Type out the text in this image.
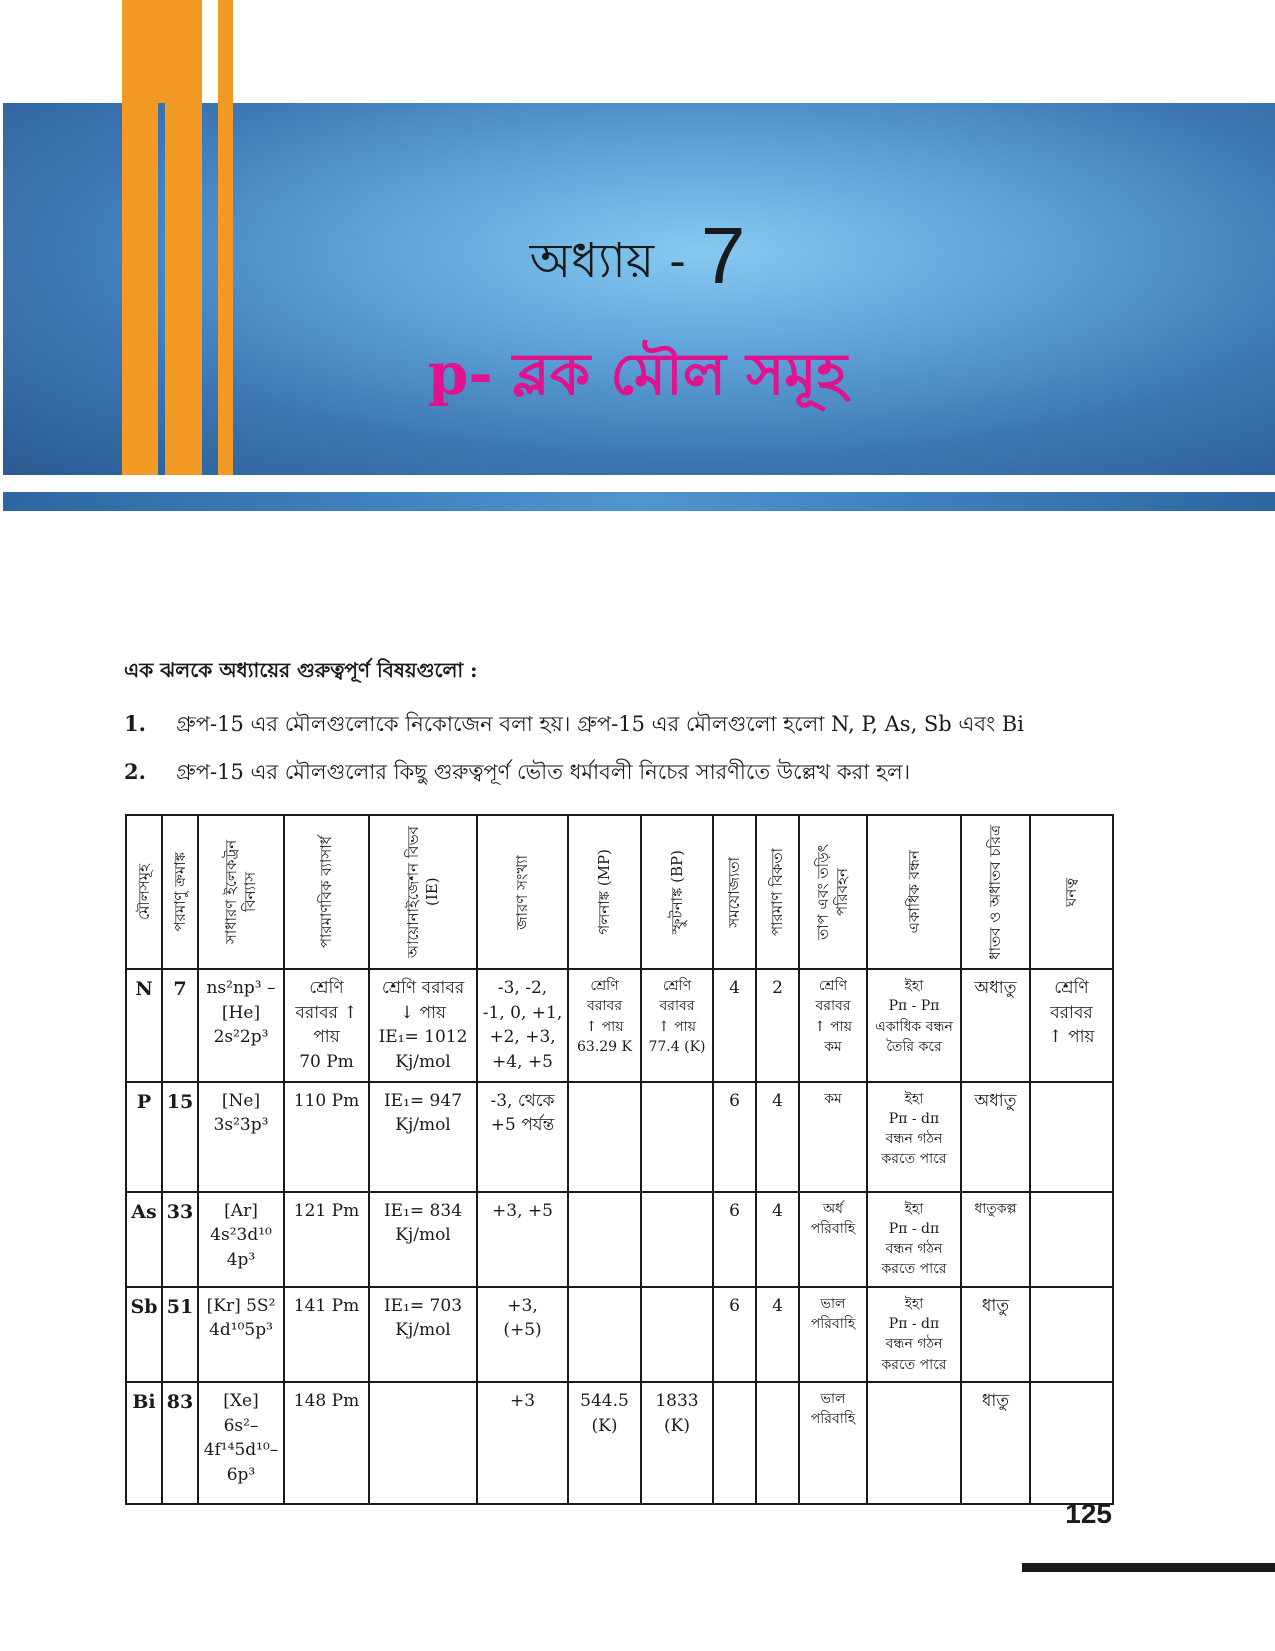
অধ্যায় - 7
p- ব্লক মৌল সমূহ
এক ঝলকে অধ্যায়ের গুরুত্বপূর্ণ বিষয়গুলো :
1. গ্রুপ-15 এর মৌলগুলোকে নিকোজেন বলা হয়। গ্রুপ-15 এর মৌলগুলো হলো N, P, As, Sb এবং Bi
2. গ্রুপ-15 এর মৌলগুলোর কিছু গুরুত্বপূর্ণ ভৌত ধর্মাবলী নিচের সারণীতে উল্লেখ করা হল।
মৌলসমূহ	পরমাণু ক্রমাঙ্ক	সাধারণ ইলেকট্রন বিন্যাস	পারমাণবিক ব্যাসার্ধ	আয়োনাইজেশন বিভব (IE)	জারণ সংখ্যা	গলনাঙ্ক (MP)	স্ফুটনাঙ্ক (BP)	সমযোজ্যতা	পারমাণ বিকতা	তাপ এবং তড়িৎ পরিবহন	একাধিক বন্ধন	ধাতব ও অধাতব চরিত্র	ঘনত্ব

N	7	ns²np³ –
[He]
2s²2p³	শ্রেণি
বরাবর ↑
পায়
70 Pm	শ্রেণি বরাবর
↓ পায়
IE₁= 1012
Kj/mol	-3, -2,
-1, 0, +1,
+2, +3,
+4, +5	শ্রেণি
বরাবর
↑ পায়
63.29 K	শ্রেণি
বরাবর
↑ পায়
77.4 (K)	4	2	শ্রেণি
বরাবর
↑ পায়
কম	ইহা
Pπ - Pπ
একাধিক বন্ধন
তৈরি করে	অধাতু	শ্রেণি
বরাবর
↑ পায়
P	15	[Ne]
3s²3p³	110 Pm	IE₁= 947
Kj/mol	-3, থেকে
+5 পর্যন্ত			6	4	কম	ইহা
Pπ - dπ
বন্ধন গঠন
করতে পারে	অধাতু	
As	33	[Ar]
4s²3d¹⁰
4p³	121 Pm	IE₁= 834
Kj/mol	+3, +5			6	4	অর্ধ
পরিবাহি	ইহা
Pπ - dπ
বন্ধন গঠন
করতে পারে	ধাতুকল্প	
Sb	51	[Kr] 5S²
4d¹⁰5p³	141 Pm	IE₁= 703
Kj/mol	+3,
(+5)			6	4	ভাল
পরিবাহি	ইহা
Pπ - dπ
বন্ধন গঠন
করতে পারে	ধাতু	
Bi	83	[Xe]
6s²–
4f¹⁴5d¹⁰–
6p³	148 Pm		+3	544.5
(K)	1833
(K)			ভাল
পরিবাহি		ধাতু	
125
